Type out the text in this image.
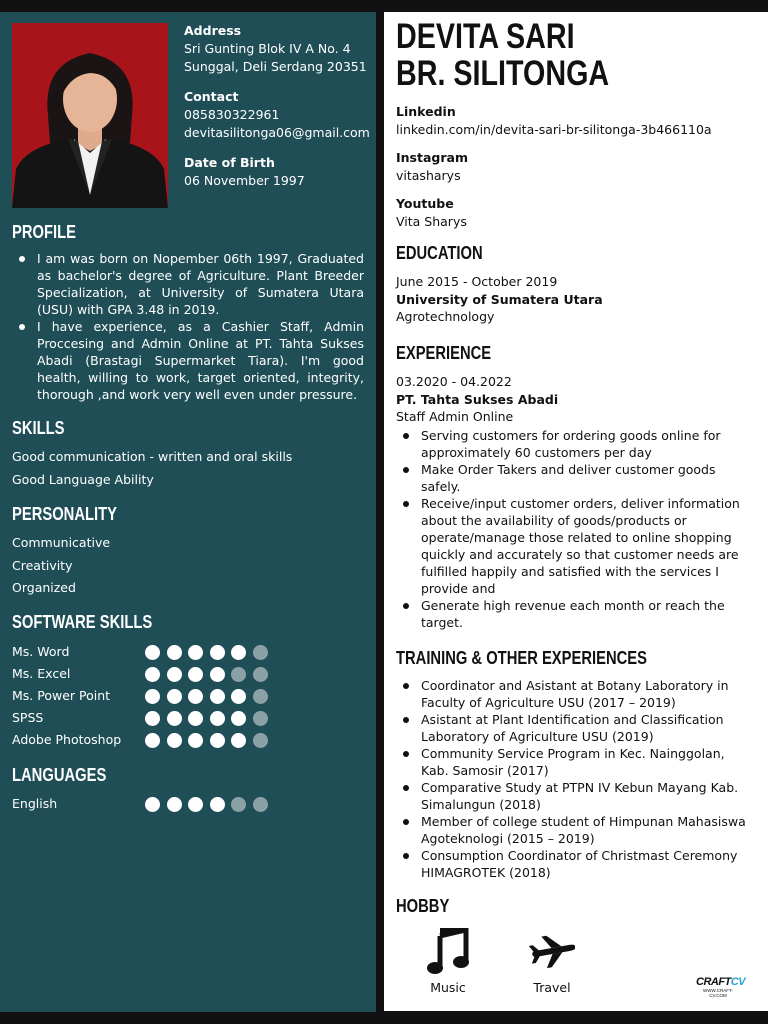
Address
Sri Gunting Blok IV A No. 4
Sunggal, Deli Serdang 20351
Contact
085830322961
devitasilitonga06@gmail.com
Date of Birth
06 November 1997
PROFILE
I am was born on Nopember 06th 1997, Graduated as bachelor's degree of Agriculture. Plant Breeder Specialization, at University of Sumatera Utara (USU) with GPA 3.48 in 2019.
I have experience, as a Cashier Staff, Admin Proccesing and Admin Online at PT. Tahta Sukses Abadi (Brastagi Supermarket Tiara). I'm good health, willing to work, target oriented, integrity, thorough ,and work very well even under pressure.
SKILLS
Good communication - written and oral skills
Good Language Ability
PERSONALITY
Communicative
Creativity
Organized
SOFTWARE SKILLS
Ms. Word
Ms. Excel
Ms. Power Point
SPSS
Adobe Photoshop
LANGUAGES
English
DEVITA SARI
BR. SILITONGA
Linkedin
linkedin.com/in/devita-sari-br-silitonga-3b466110a
Instagram
vitasharys
Youtube
Vita Sharys
EDUCATION
June 2015 - October 2019
University of Sumatera Utara
Agrotechnology
EXPERIENCE
03.2020 - 04.2022
PT. Tahta Sukses Abadi
Staff Admin Online
Serving customers for ordering goods online for approximately 60 customers per day
Make Order Takers and deliver customer goods safely.
Receive/input customer orders, deliver information about the availability of goods/products or operate/manage those related to online shopping quickly and accurately so that customer needs are fulfilled happily and satisfied with the services I provide and
Generate high revenue each month or reach the target.
TRAINING & OTHER EXPERIENCES
Coordinator and Asistant at Botany Laboratory in Faculty of Agriculture USU (2017 – 2019)
Asistant at Plant Identification and Classification Laboratory of Agriculture USU (2019)
Community Service Program in Kec. Nainggolan, Kab. Samosir (2017)
Comparative Study at PTPN IV Kebun Mayang Kab. Simalungun (2018)
Member of college student of Himpunan Mahasiswa Agoteknologi (2015 – 2019)
Consumption Coordinator of Christmast Ceremony HIMAGROTEK (2018)
HOBBY
Music	Travel	CRAFTCV
WWW.CRAFT-CV.COM
